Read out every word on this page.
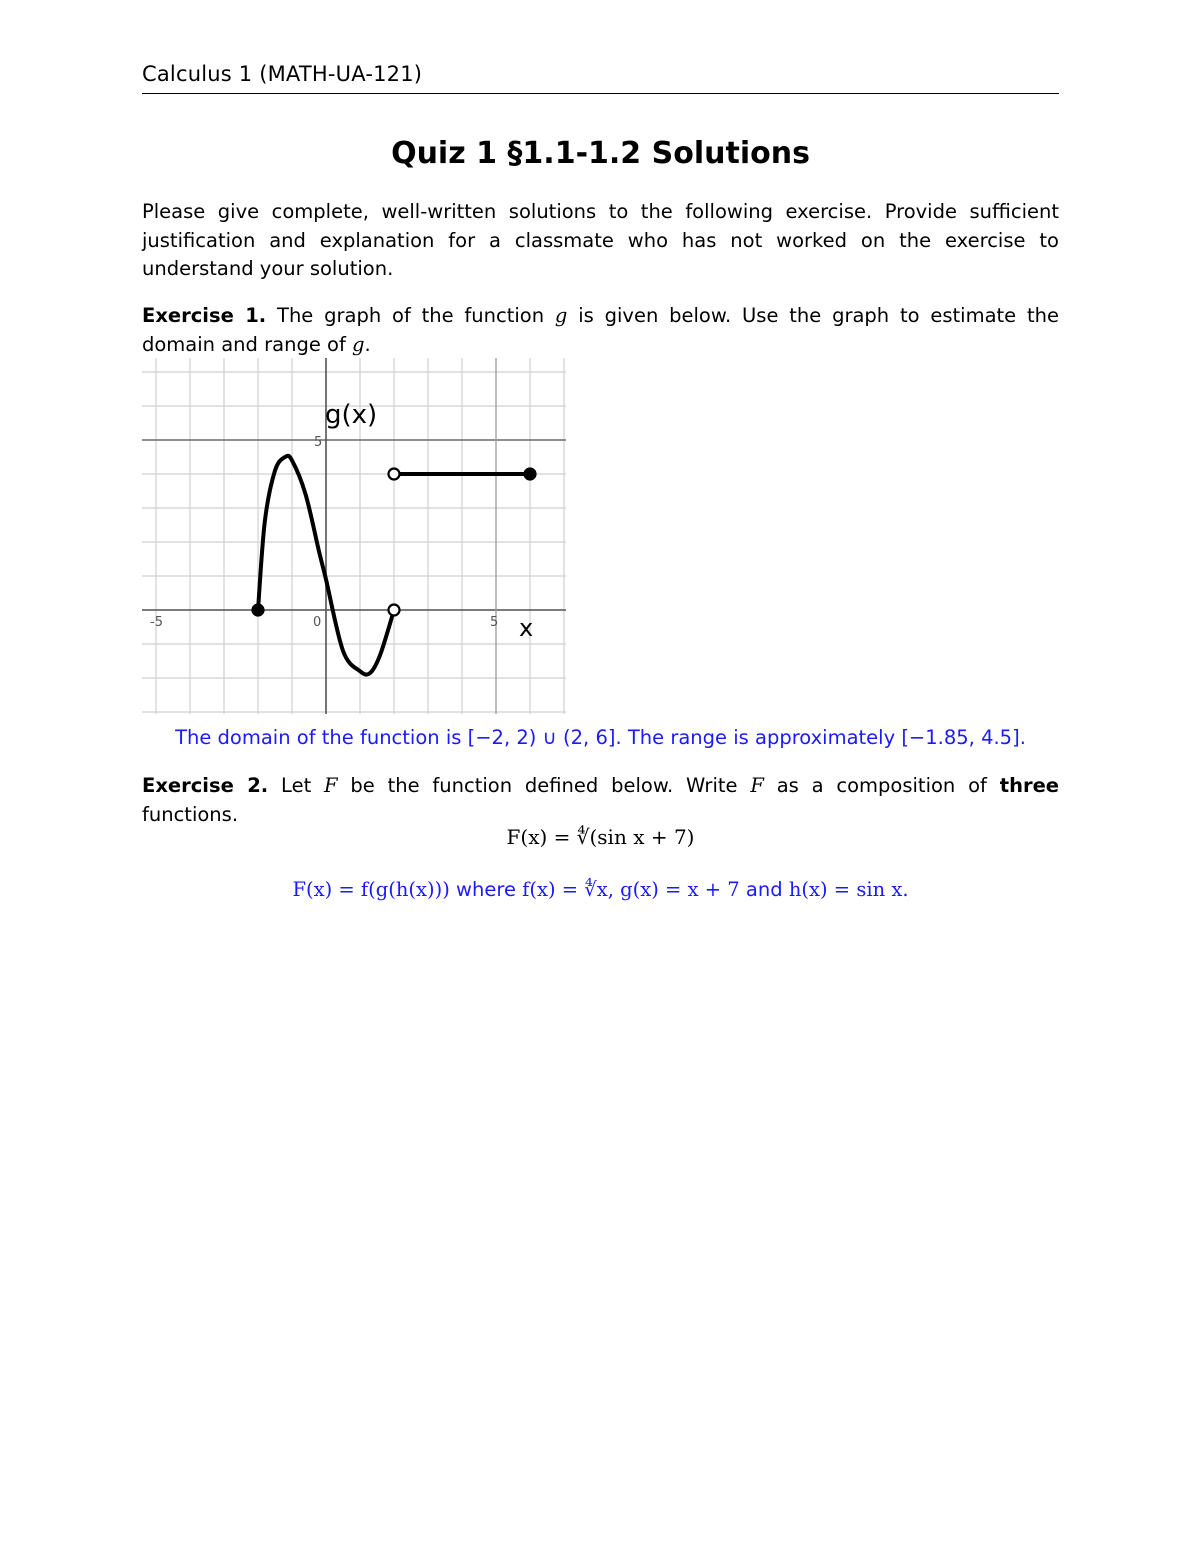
Calculus 1 (MATH-UA-121)
Quiz 1 §1.1-1.2 Solutions
Please give complete, well-written solutions to the following exercise. Provide sufficient justification and explanation for a classmate who has not worked on the exercise to understand your solution.
Exercise 1. The graph of the function g is given below. Use the graph to estimate the domain and range of g.
g(x)
x
-5	0	5
5
The domain of the function is [−2, 2) ∪ (2, 6]. The range is approximately [−1.85, 4.5].
Exercise 2. Let F be the function defined below. Write F as a composition of three functions.
F(x) = ∜(sin x + 7)
F(x) = f(g(h(x))) where f(x) = ∜x, g(x) = x + 7 and h(x) = sin x.
